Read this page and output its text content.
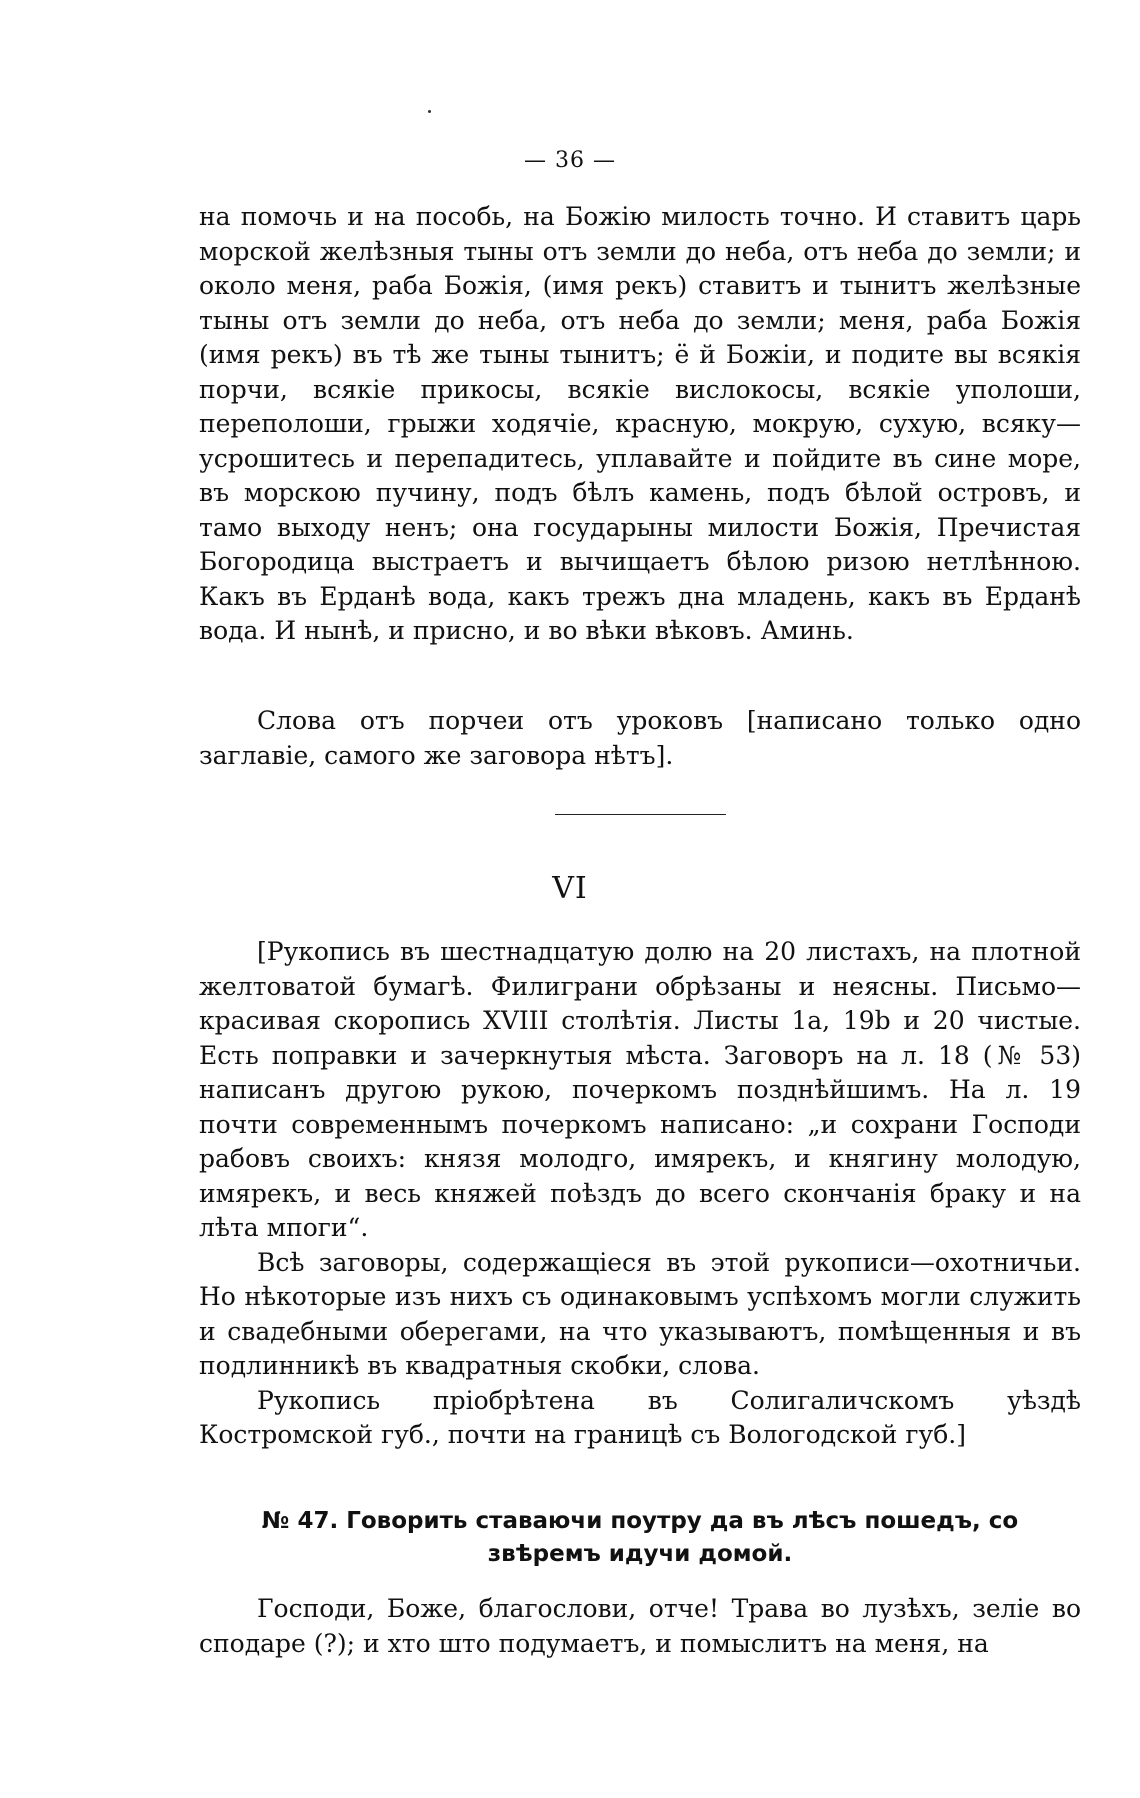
— 36 —

на помочь и на пособь, на Божію милость точно. И ставитъ царь морской желѣзныя тыны отъ земли до неба, отъ неба до земли; и около меня, раба Божія, (имя рекъ) ставитъ и тынитъ желѣзные тыны отъ земли до неба, отъ неба до земли; меня, раба Божія (имя рекъ) въ тѣ же тыны тынитъ; ё й Божіи, и подите вы всякія порчи, всякіе прикосы, всякіе вислокосы, всякіе уполоши, переполоши, грыжи ходячіе, красную, мокрую, сухую, всяку—усрошитесь и перепадитесь, уплавайте и пойдите въ сине море, въ морскою пучину, подъ бѣлъ камень, подъ бѣлой островъ, и тамо выходу ненъ; она государыны милости Божія, Пречистая Богородица выстраетъ и вычищаетъ бѣлою ризою нетлѣнною. Какъ въ Ерданѣ вода, какъ трежъ дна младень, какъ въ Ерданѣ вода. И нынѣ, и присно, и во вѣки вѣковъ. Аминь.

Слова отъ порчеи отъ уроковъ [написано только одно заглавіе, самого же заговора нѣтъ].

VI

[Рукопись въ шестнадцатую долю на 20 листахъ, на плотной желтоватой бумагѣ. Филиграни обрѣзаны и неясны. Письмо—красивая скоропись XVIII столѣтія. Листы 1а, 19b и 20 чистые. Есть поправки и зачеркнутыя мѣста. Заговоръ на л. 18 (№ 53) написанъ другою рукою, почеркомъ позднѣйшимъ. На л. 19 почти современнымъ почеркомъ написано: „и сохрани Господи рабовъ своихъ: князя молодго, имярекъ, и княгину молодую, имярекъ, и весь княжей поѣздъ до всего скончанія браку и на лѣта мпоги“.

Всѣ заговоры, содержащіеся въ этой рукописи—охотничьи. Но нѣкоторые изъ нихъ съ одинаковымъ успѣхомъ могли служить и свадебными оберегами, на что указываютъ, помѣщенныя и въ подлинникѣ въ квадратныя скобки, слова.

Рукопись пріобрѣтена въ Солигаличскомъ уѣздѣ Костромской губ., почти на границѣ съ Вологодской губ.]

№ 47. Говорить ставаючи поутру да въ лѣсъ пошедъ, со
звѣремъ идучи домой.

Господи, Боже, благослови, отче! Трава во лузѣхъ, зеліе во сподаре (?); и хто што подумаетъ, и помыслитъ на меня, на
